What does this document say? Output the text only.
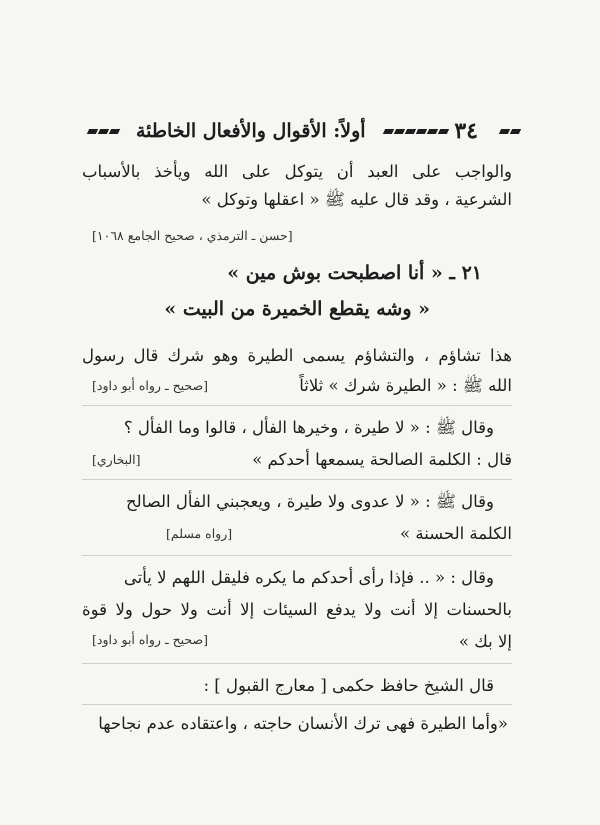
٣٤
أولاً: الأقوال والأفعال الخاطئة
والواجب على العبد أن يتوكل على الله ويأخذ بالأسباب
الشرعية ، وقد قال عليه ﷺ « اعقلها وتوكل »
[حسن ـ الترمذي ، صحيح الجامع ١٠٦٨]
٢١ ـ « أنا اصطبحت بوش مين »
« وشه يقطع الخميرة من البيت »
هذا تشاؤم ، والتشاؤم يسمى الطيرة وهو شرك قال رسول
الله ﷺ : « الطيرة شرك » ثلاثاً
[صحيح ـ رواه أبو داود]
وقال ﷺ : « لا طيرة ، وخيرها الفأل ، قالوا وما الفأل ؟
قال : الكلمة الصالحة يسمعها أحدكم »
[البخاري]
وقال ﷺ : « لا عدوى ولا طيرة ، ويعجبني الفأل الصالح
الكلمة الحسنة »
[رواه مسلم]
وقال : « .. فإذا رأى أحدكم ما يكره فليقل اللهم لا يأتى
بالحسنات إلا أنت ولا يدفع السيئات إلا أنت ولا حول ولا قوة
إلا بك »
[صحيح ـ رواه أبو داود]
قال الشيخ حافظ حكمى [ معارج القبول ] :
«وأما الطيرة فهى ترك الأنسان حاجته ، واعتقاده عدم نجاحها
